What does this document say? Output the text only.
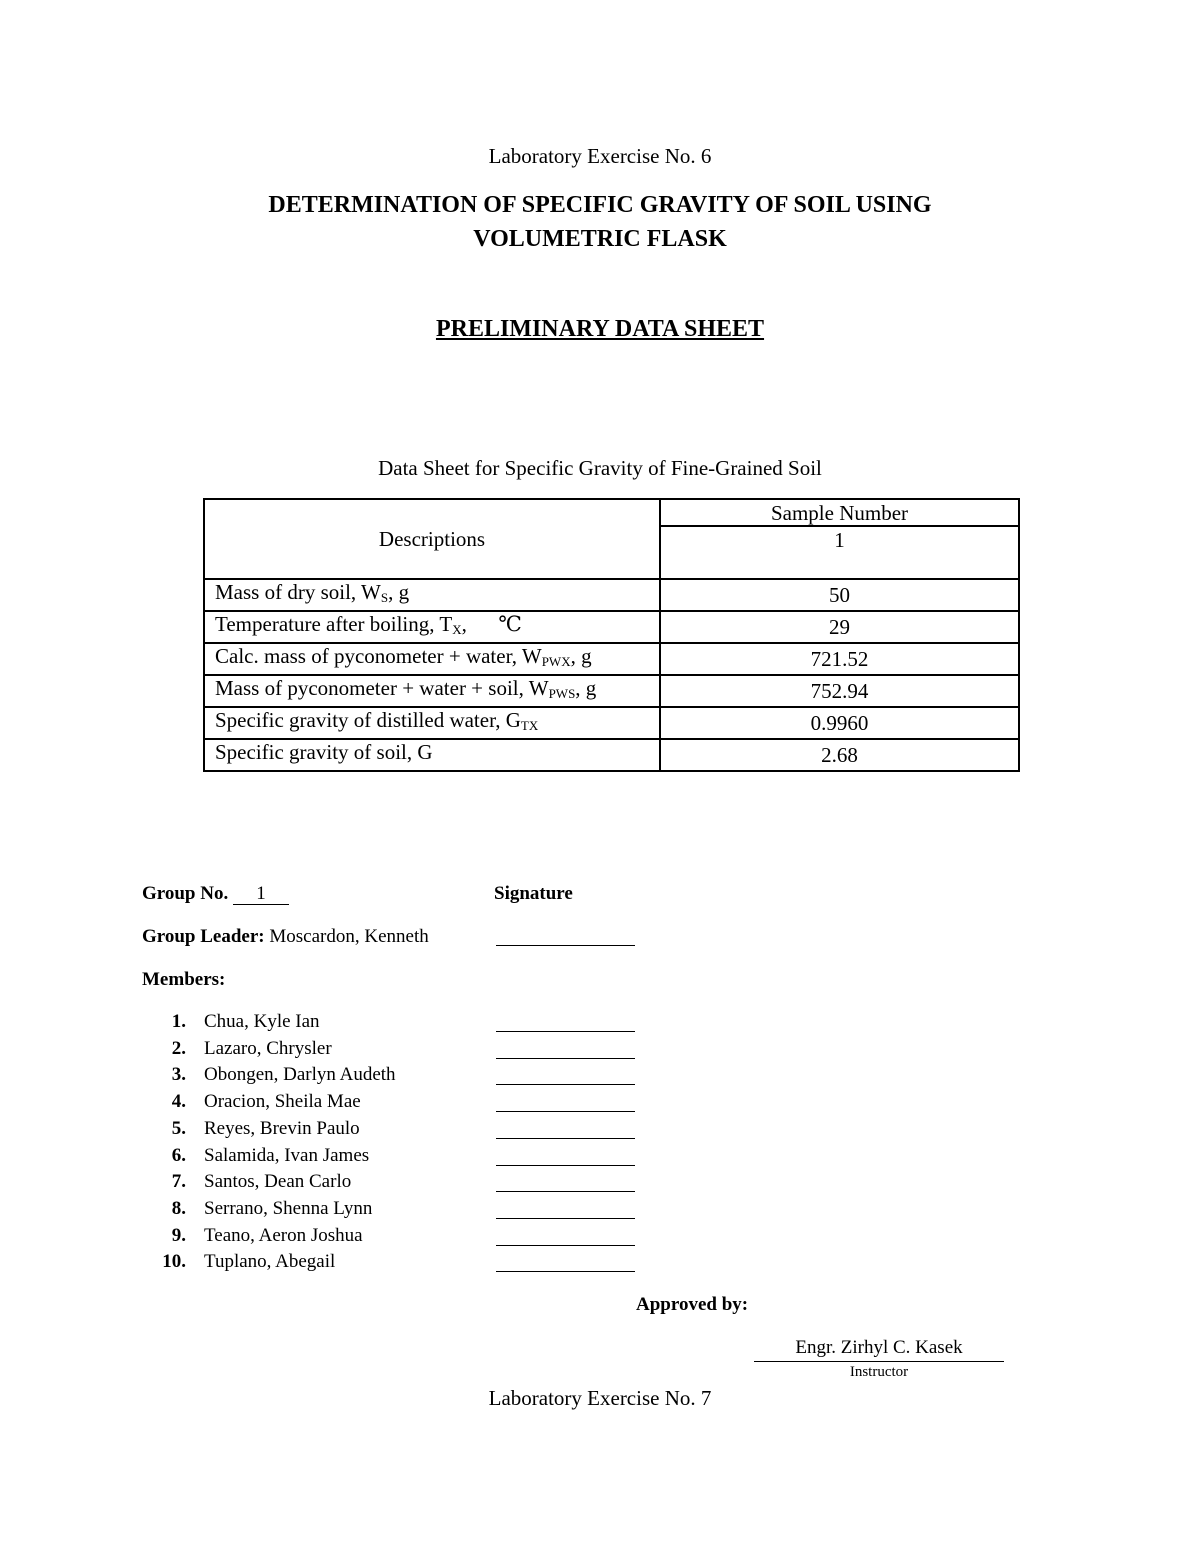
Laboratory Exercise No. 6
DETERMINATION OF SPECIFIC GRAVITY OF SOIL USING
VOLUMETRIC FLASK
PRELIMINARY DATA SHEET
Data Sheet for Specific Gravity of Fine-Grained Soil
Descriptions	Sample Number
	1

Mass of dry soil, $W_S$, g	50
Temperature after boiling, $T_X$,      ℃	29
Calc. mass of pyconometer + water, $W_{PWX}$, g	721.52
Mass of pyconometer + water + soil, $W_{PWS}$, g	752.94
Specific gravity of distilled water, $G_{TX}$	0.9960
Specific gravity of soil, G	2.68
Group No. 1	Signature
Group Leader: Moscardon, Kenneth
Members:
1. Chua, Kyle Ian
2. Lazaro, Chrysler
3. Obongen, Darlyn Audeth
4. Oracion, Sheila Mae
5. Reyes, Brevin Paulo
6. Salamida, Ivan James
7. Santos, Dean Carlo
8. Serrano, Shenna Lynn
9. Teano, Aeron Joshua
10. Tuplano, Abegail
Approved by:
Engr. Zirhyl C. Kasek
Instructor
Laboratory Exercise No. 7
